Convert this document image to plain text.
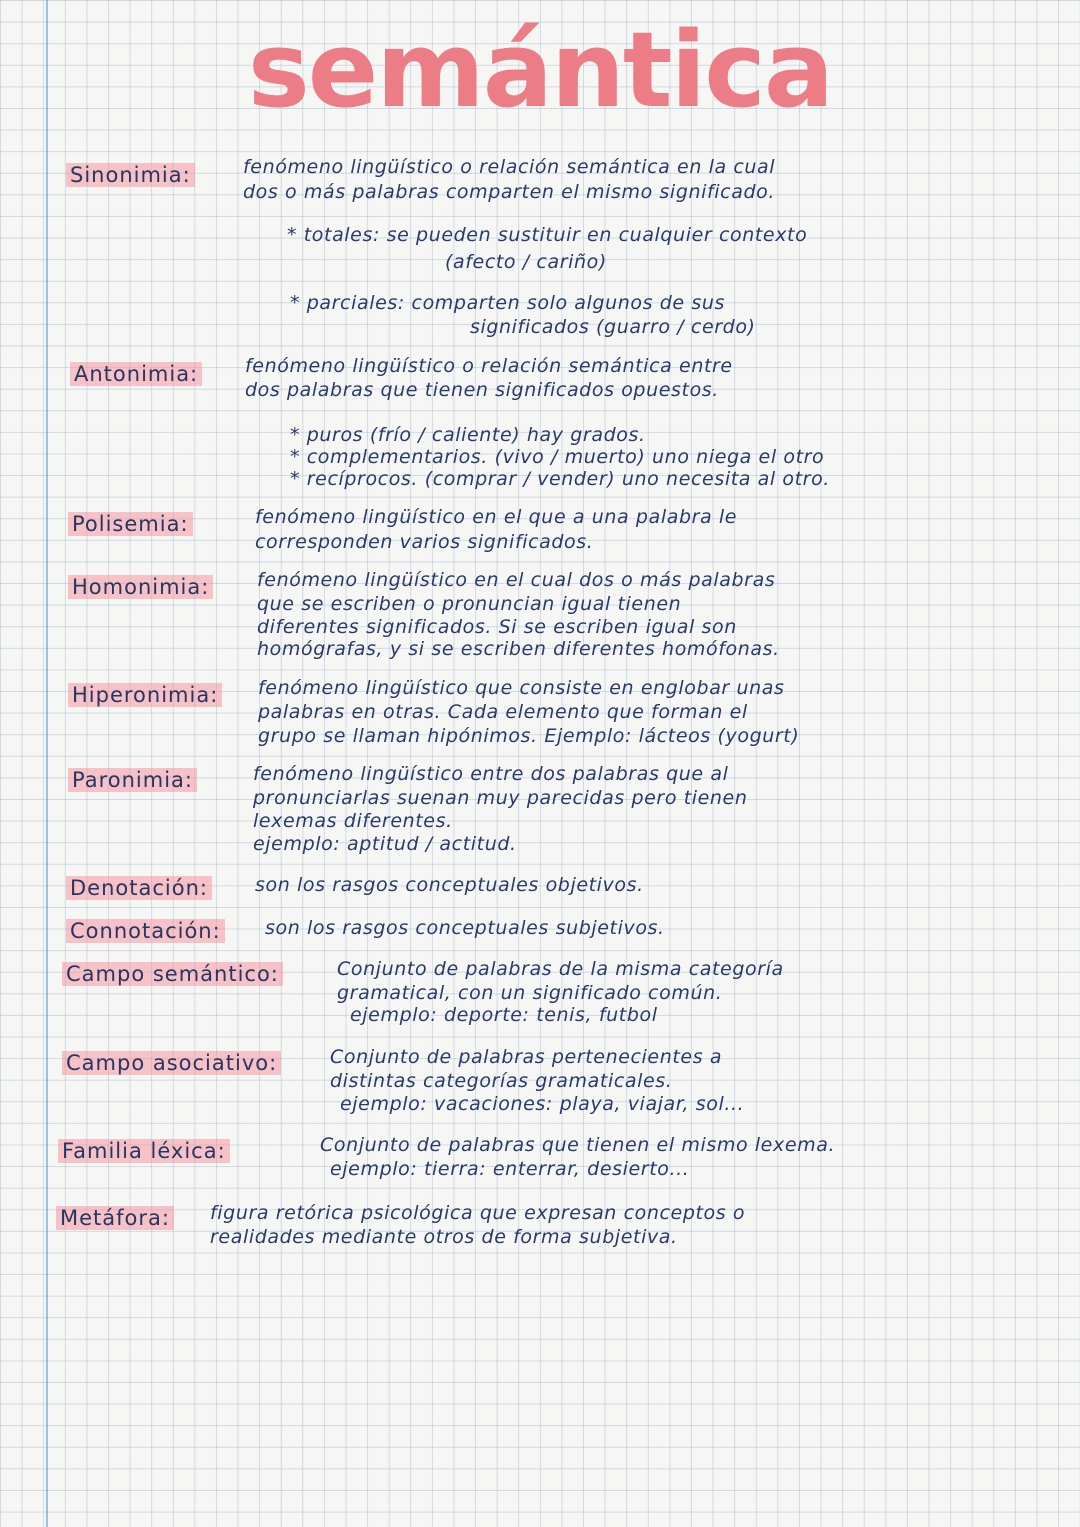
semántica
Sinonimia:	fenómeno lingüístico o relación semántica en la cual
dos o más palabras comparten el mismo significado.
* totales: se pueden sustituir en cualquier contexto
(afecto / cariño)
* parciales: comparten solo algunos de sus
significados (guarro / cerdo)
Antonimia: fenómeno lingüístico o relación semántica entre
dos palabras que tienen significados opuestos.
* puros (frío / caliente) hay grados.
* complementarios. (vivo / muerto) uno niega el otro
* recíprocos. (comprar / vender) uno necesita al otro.
Polisemia:	fenómeno lingüístico en el que a una palabra le
corresponden varios significados.
Homonimia:	fenómeno lingüístico en el cual dos o más palabras
que se escriben o pronuncian igual tienen
diferentes significados. Si se escriben igual son
homógrafas, y si se escriben diferentes homófonas.
Hiperonimia: fenómeno lingüístico que consiste en englobar unas
palabras en otras. Cada elemento que forman el
grupo se llaman hipónimos. Ejemplo: lácteos (yogurt)
Paronimia:	fenómeno lingüístico entre dos palabras que al
pronunciarlas suenan muy parecidas pero tienen
lexemas diferentes.
ejemplo: aptitud / actitud.
Denotación: son los rasgos conceptuales objetivos.
Connotación: son los rasgos conceptuales subjetivos.
Campo semántico:	Conjunto de palabras de la misma categoría
gramatical, con un significado común.
ejemplo: deporte: tenis, futbol
Campo asociativo:	Conjunto de palabras pertenecientes a
distintas categorías gramaticales.
ejemplo: vacaciones: playa, viajar, sol...
Familia léxica:	Conjunto de palabras que tienen el mismo lexema.
ejemplo: tierra: enterrar, desierto...
Metáfora: figura retórica psicológica que expresan conceptos o
realidades mediante otros de forma subjetiva.
